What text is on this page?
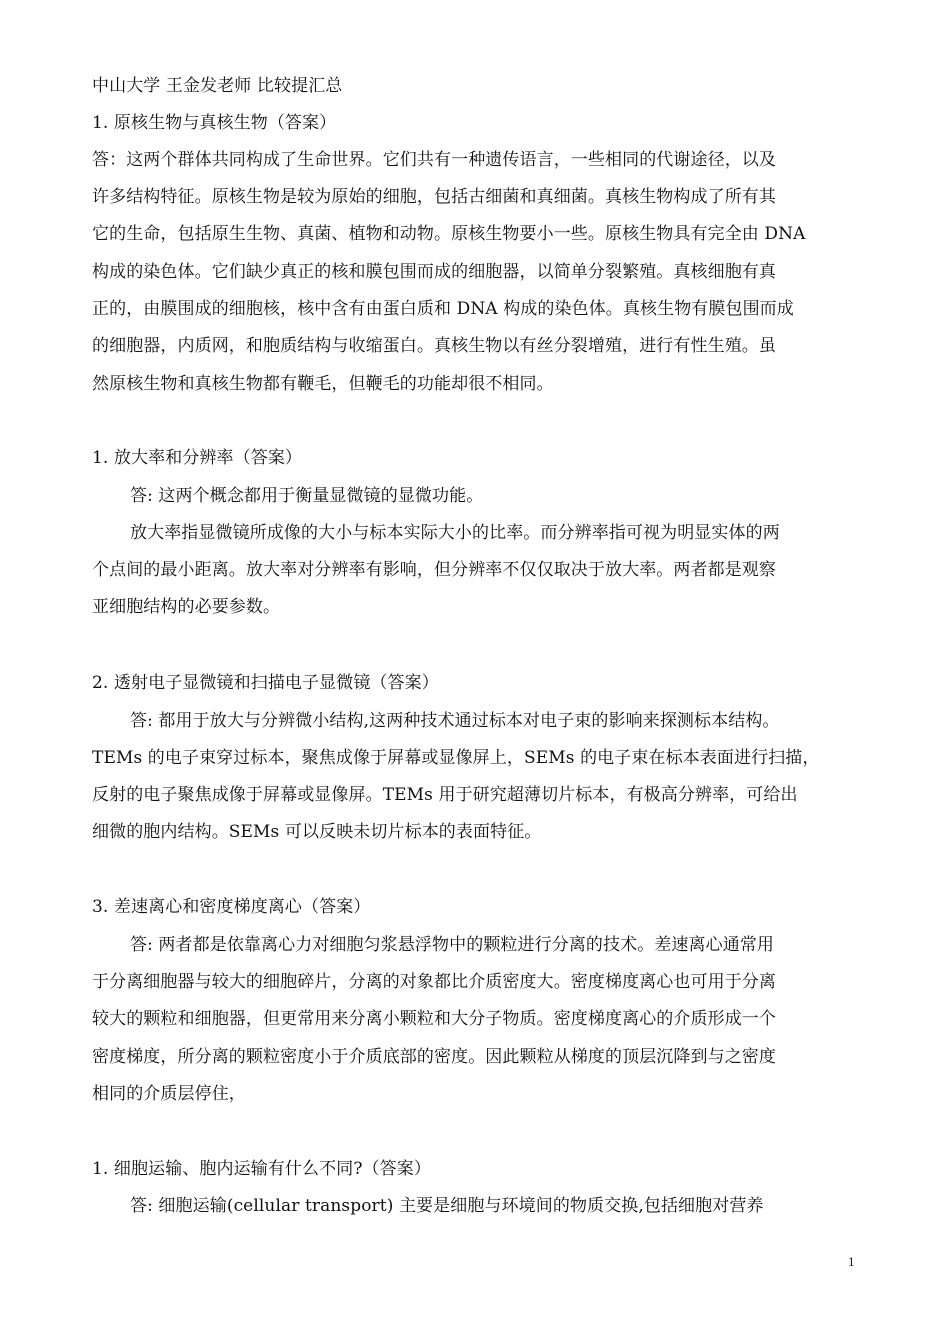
中山大学 王金发老师 比较提汇总
1. 原核生物与真核生物（答案）
答：这两个群体共同构成了生命世界。它们共有一种遗传语言，一些相同的代谢途径，以及
许多结构特征。原核生物是较为原始的细胞，包括古细菌和真细菌。真核生物构成了所有其
它的生命，包括原生生物、真菌、植物和动物。原核生物要小一些。原核生物具有完全由 DNA
构成的染色体。它们缺少真正的核和膜包围而成的细胞器，以简单分裂繁殖。真核细胞有真
正的，由膜围成的细胞核，核中含有由蛋白质和 DNA 构成的染色体。真核生物有膜包围而成
的细胞器，内质网，和胞质结构与收缩蛋白。真核生物以有丝分裂增殖，进行有性生殖。虽
然原核生物和真核生物都有鞭毛，但鞭毛的功能却很不相同。
1. 放大率和分辨率（答案）
答: 这两个概念都用于衡量显微镜的显微功能。
放大率指显微镜所成像的大小与标本实际大小的比率。而分辨率指可视为明显实体的两
个点间的最小距离。放大率对分辨率有影响，但分辨率不仅仅取决于放大率。两者都是观察
亚细胞结构的必要参数。
2. 透射电子显微镜和扫描电子显微镜（答案）
答: 都用于放大与分辨微小结构,这两种技术通过标本对电子束的影响来探测标本结构。
TEMs 的电子束穿过标本，聚焦成像于屏幕或显像屏上，SEMs 的电子束在标本表面进行扫描，
反射的电子聚焦成像于屏幕或显像屏。TEMs 用于研究超薄切片标本，有极高分辨率，可给出
细微的胞内结构。SEMs 可以反映未切片标本的表面特征。
3. 差速离心和密度梯度离心（答案）
答: 两者都是依靠离心力对细胞匀浆悬浮物中的颗粒进行分离的技术。差速离心通常用
于分离细胞器与较大的细胞碎片，分离的对象都比介质密度大。密度梯度离心也可用于分离
较大的颗粒和细胞器，但更常用来分离小颗粒和大分子物质。密度梯度离心的介质形成一个
密度梯度，所分离的颗粒密度小于介质底部的密度。因此颗粒从梯度的顶层沉降到与之密度
相同的介质层停住，
1. 细胞运输、胞内运输有什么不同?（答案）
答: 细胞运输(cellular transport) 主要是细胞与环境间的物质交换,包括细胞对营养
1
